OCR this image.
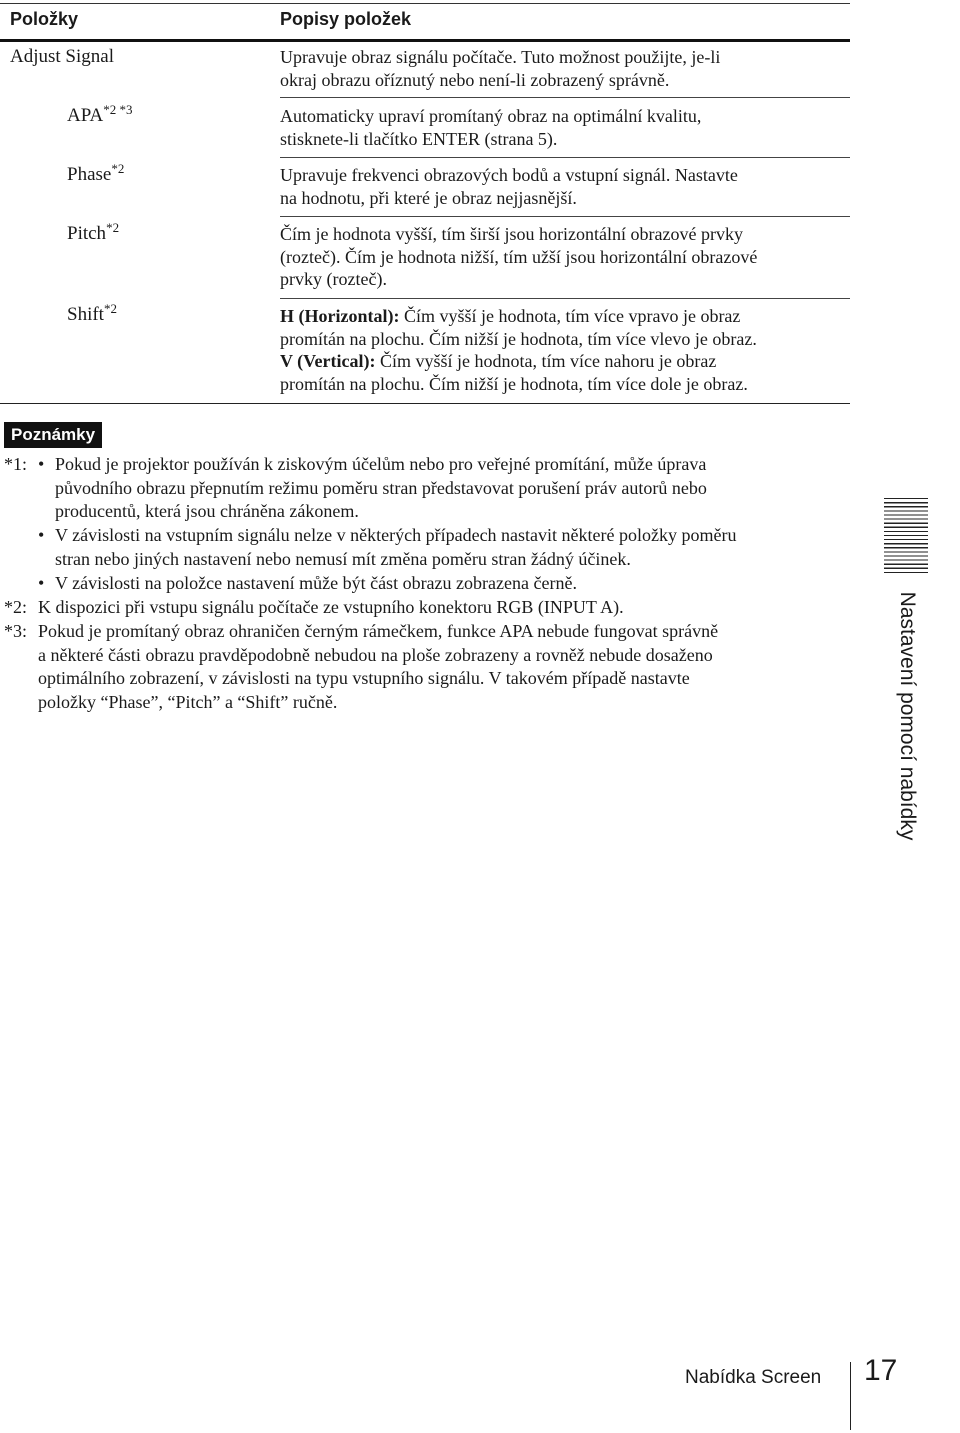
Položky	Popisy položek
Adjust Signal	Upravuje obraz signálu počítače. Tuto možnost použijte, je-li
okraj obrazu oříznutý nebo není-li zobrazený správně.
$APA^{*2 *3}$	Automaticky upraví promítaný obraz na optimální kvalitu,
stisknete-li tlačítko ENTER (strana 5).
Phase$^{*2}$	Upravuje frekvenci obrazových bodů a vstupní signál. Nastavte
na hodnotu, při které je obraz nejjasnější.
Pitch$^{*2}$	Čím je hodnota vyšší, tím širší jsou horizontální obrazové prvky
(rozteč). Čím je hodnota nižší, tím užší jsou horizontální obrazové
prvky (rozteč).
Shift$^{*2}$	H (Horizontal): Čím vyšší je hodnota, tím více vpravo je obraz
promítán na plochu. Čím nižší je hodnota, tím více vlevo je obraz.
V (Vertical): Čím vyšší je hodnota, tím více nahoru je obraz
promítán na plochu. Čím nižší je hodnota, tím více dole je obraz.
Poznámky
*1: • Pokud je projektor používán k ziskovým účelům nebo pro veřejné promítání, může úprava
původního obrazu přepnutím režimu poměru stran představovat porušení práv autorů nebo
producentů, která jsou chráněna zákonem.
• V závislosti na vstupním signálu nelze v některých případech nastavit některé položky poměru
stran nebo jiných nastavení nebo nemusí mít změna poměru stran žádný účinek.
• V závislosti na položce nastavení může být část obrazu zobrazena černě.
*2: K dispozici při vstupu signálu počítače ze vstupního konektoru RGB (INPUT A).
*3: Pokud je promítaný obraz ohraničen černým rámečkem, funkce APA nebude fungovat správně
a některé části obrazu pravděpodobně nebudou na ploše zobrazeny a rovněž nebude dosaženo
optimálního zobrazení, v závislosti na typu vstupního signálu. V takovém případě nastavte
položky “Phase”, “Pitch” a “Shift” ručně.	Nastavení pomocí nabídky
Nabídka Screen 17
